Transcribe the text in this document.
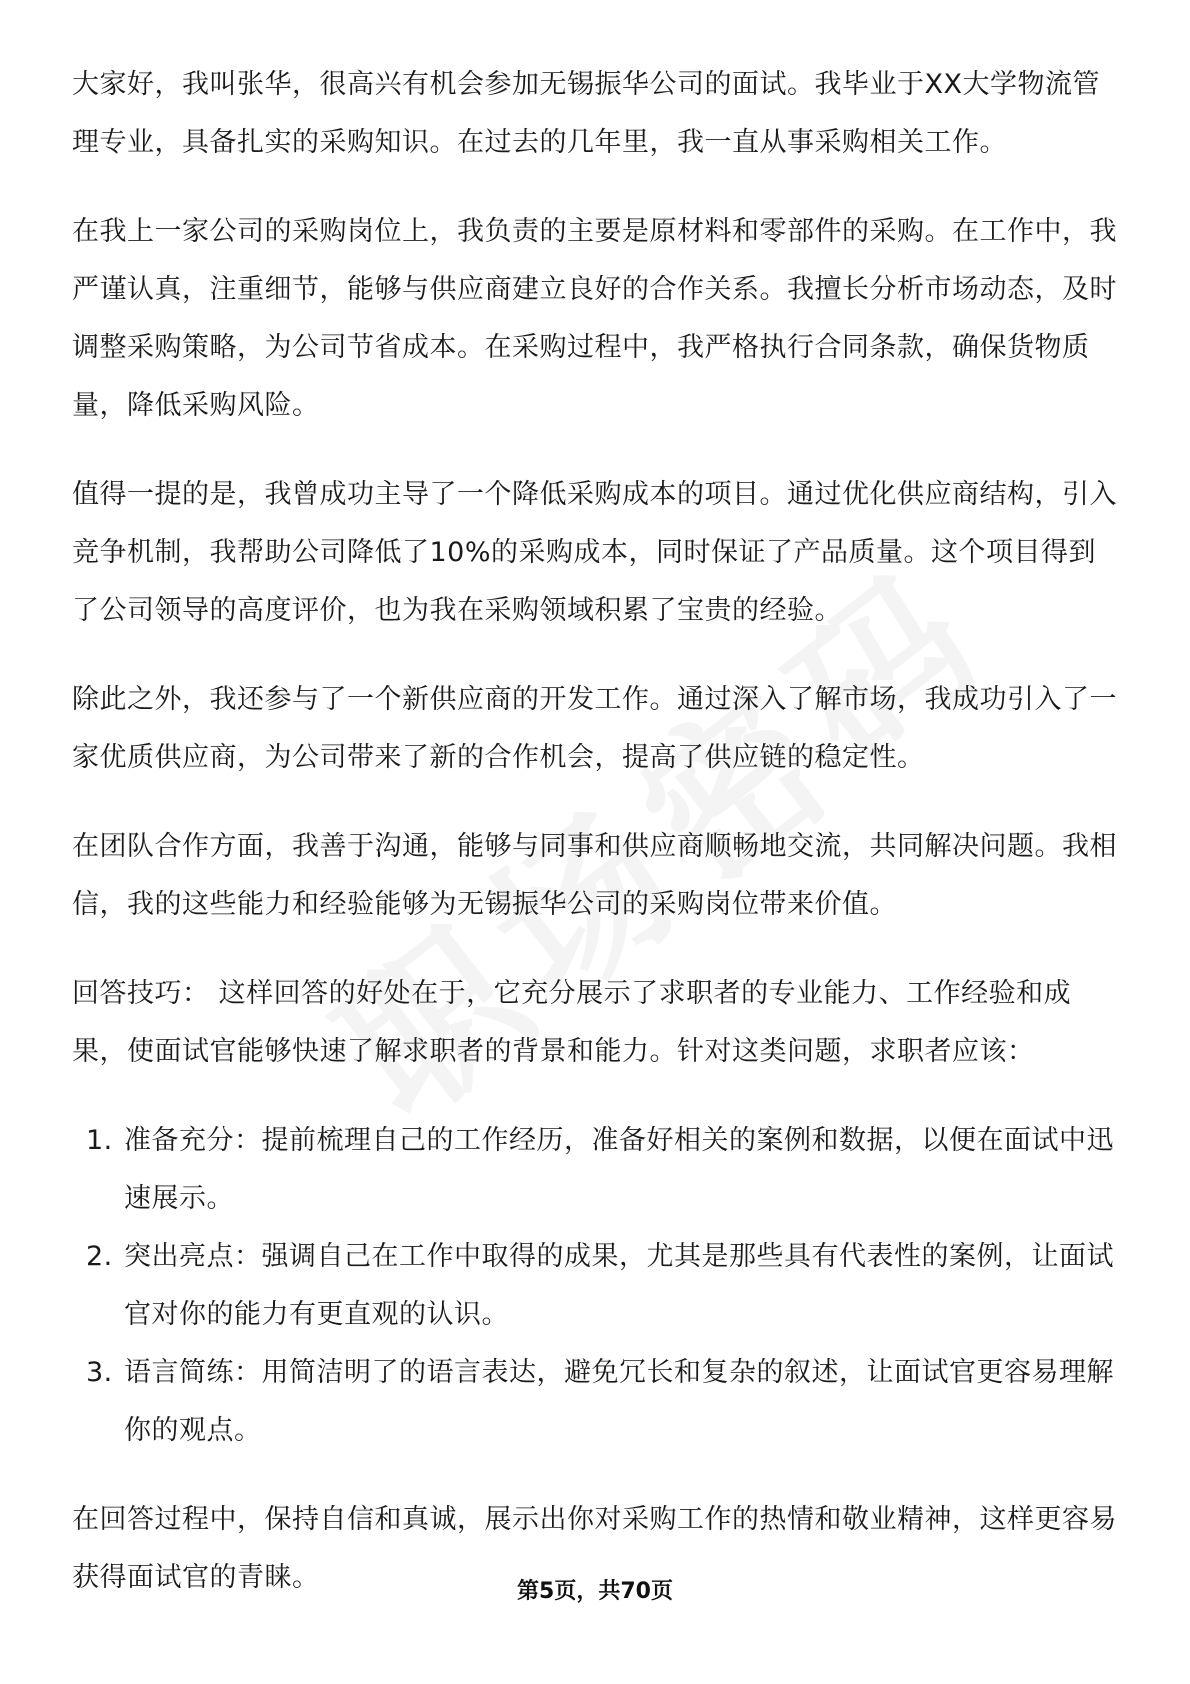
大家好，我叫张华，很高兴有机会参加无锡振华公司的面试。我毕业于XX大学物流管理专业，具备扎实的采购知识。在过去的几年里，我一直从事采购相关工作。

在我上一家公司的采购岗位上，我负责的主要是原材料和零部件的采购。在工作中，我严谨认真，注重细节，能够与供应商建立良好的合作关系。我擅长分析市场动态，及时调整采购策略，为公司节省成本。在采购过程中，我严格执行合同条款，确保货物质量，降低采购风险。

值得一提的是，我曾成功主导了一个降低采购成本的项目。通过优化供应商结构，引入竞争机制，我帮助公司降低了10%的采购成本，同时保证了产品质量。这个项目得到了公司领导的高度评价，也为我在采购领域积累了宝贵的经验。

除此之外，我还参与了一个新供应商的开发工作。通过深入了解市场，我成功引入了一家优质供应商，为公司带来了新的合作机会，提高了供应链的稳定性。

在团队合作方面，我善于沟通，能够与同事和供应商顺畅地交流，共同解决问题。我相信，我的这些能力和经验能够为无锡振华公司的采购岗位带来价值。

回答技巧： 这样回答的好处在于，它充分展示了求职者的专业能力、工作经验和成果，使面试官能够快速了解求职者的背景和能力。针对这类问题，求职者应该：

1. 准备充分：提前梳理自己的工作经历，准备好相关的案例和数据，以便在面试中迅速展示。
2. 突出亮点：强调自己在工作中取得的成果，尤其是那些具有代表性的案例，让面试官对你的能力有更直观的认识。
3. 语言简练：用简洁明了的语言表达，避免冗长和复杂的叙述，让面试官更容易理解你的观点。

在回答过程中，保持自信和真诚，展示出你对采购工作的热情和敬业精神，这样更容易获得面试官的青睐。	第5页，共70页
